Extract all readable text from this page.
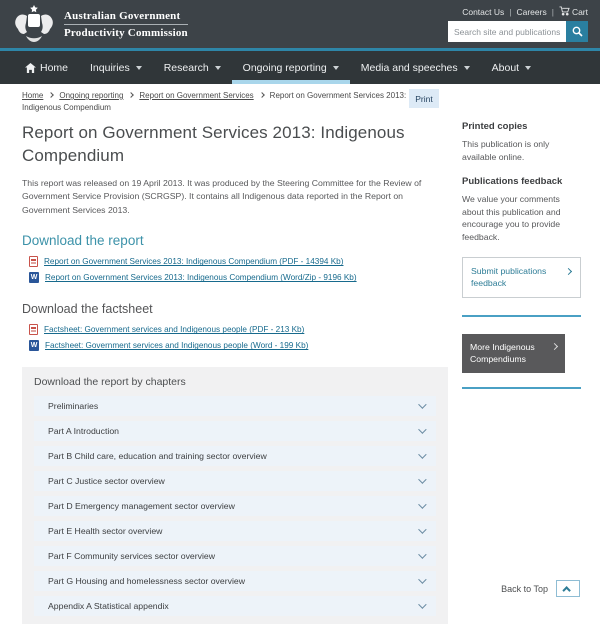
Australian Government
Productivity Commission
Contact Us | Careers |	Cart
Search site and publications
Home Inquiries	Research	Ongoing reporting	Media and speeches	About
Home Ongoing reporting Report on Government Services Report on Government Services 2013: Indigenous Compendium
Print
Report on Government Services 2013: Indigenous Compendium

This report was released on 19 April 2013. It was produced by the Steering Committee for the Review of Government Service Provision (SCRGSP). It contains all Indigenous data reported in the Report on Government Services 2013.

Download the report
Report on Government Services 2013: Indigenous Compendium (PDF - 14394 Kb)
W Report on Government Services 2013: Indigenous Compendium (Word/Zip - 9196 Kb)
Download the factsheet
Factsheet: Government services and Indigenous people (PDF - 213 Kb)
W Factsheet: Government services and Indigenous people (Word - 199 Kb)
Download the report by chapters
Preliminaries
Part A Introduction
Part B Child care, education and training sector overview
Part C Justice sector overview
Part D Emergency management sector overview
Part E Health sector overview
Part F Community services sector overview
Part G Housing and homelessness sector overview
Appendix A Statistical appendix
Printed copies

This publication is only available online.

Publications feedback

We value your comments about this publication and encourage you to provide feedback.

Submit publications feedback
More Indigenous Compendiums
Back to Top
